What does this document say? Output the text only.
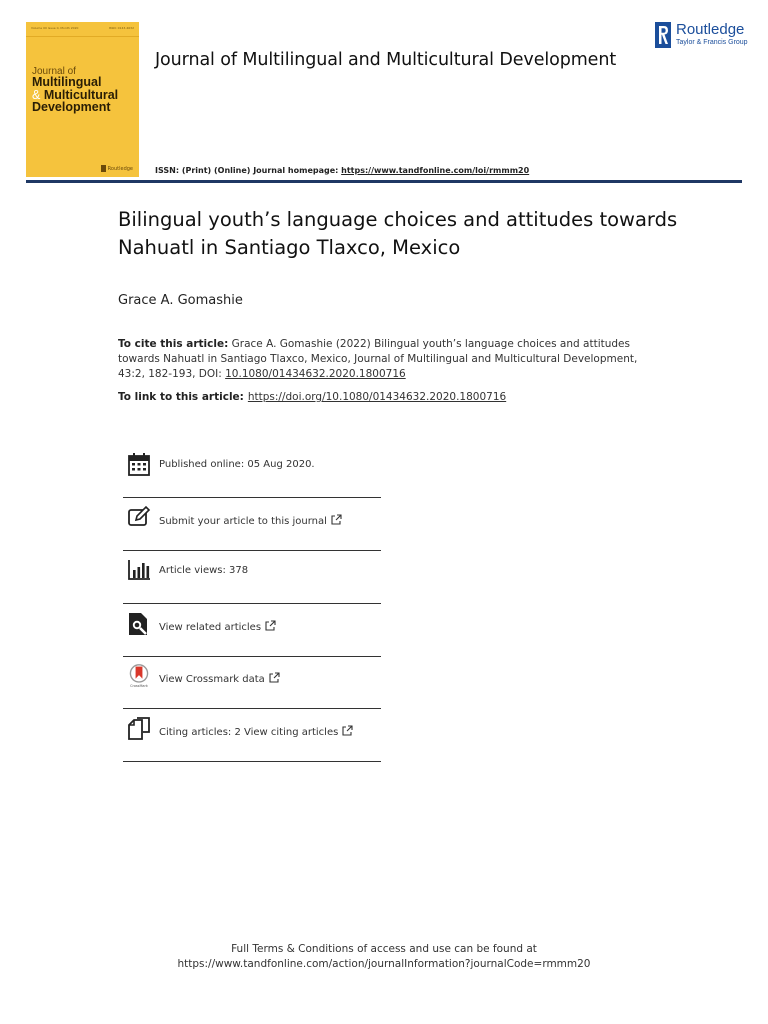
Volume 00 Issue 0, Month 2020	ISSN: 0143-4632
Journal of
Multilingual
& Multicultural
Development
Routledge
Journal of Multilingual and Multicultural Development
Routledge
Taylor & Francis Group
ISSN: (Print) (Online) Journal homepage: https://www.tandfonline.com/loi/rmmm20
Bilingual youth’s language choices and attitudes towards Nahuatl in Santiago Tlaxco, Mexico
Grace A. Gomashie
To cite this article: Grace A. Gomashie (2022) Bilingual youth’s language choices and attitudes towards Nahuatl in Santiago Tlaxco, Mexico, Journal of Multilingual and Multicultural Development, 43:2, 182-193, DOI: 10.1080/01434632.2020.1800716
To link to this article: https://doi.org/10.1080/01434632.2020.1800716
Published online: 05 Aug 2020.
Submit your article to this journal
Article views: 378
View related articles
CrossMark
View Crossmark data
Citing articles: 2 View citing articles
Full Terms & Conditions of access and use can be found at
https://www.tandfonline.com/action/journalInformation?journalCode=rmmm20
